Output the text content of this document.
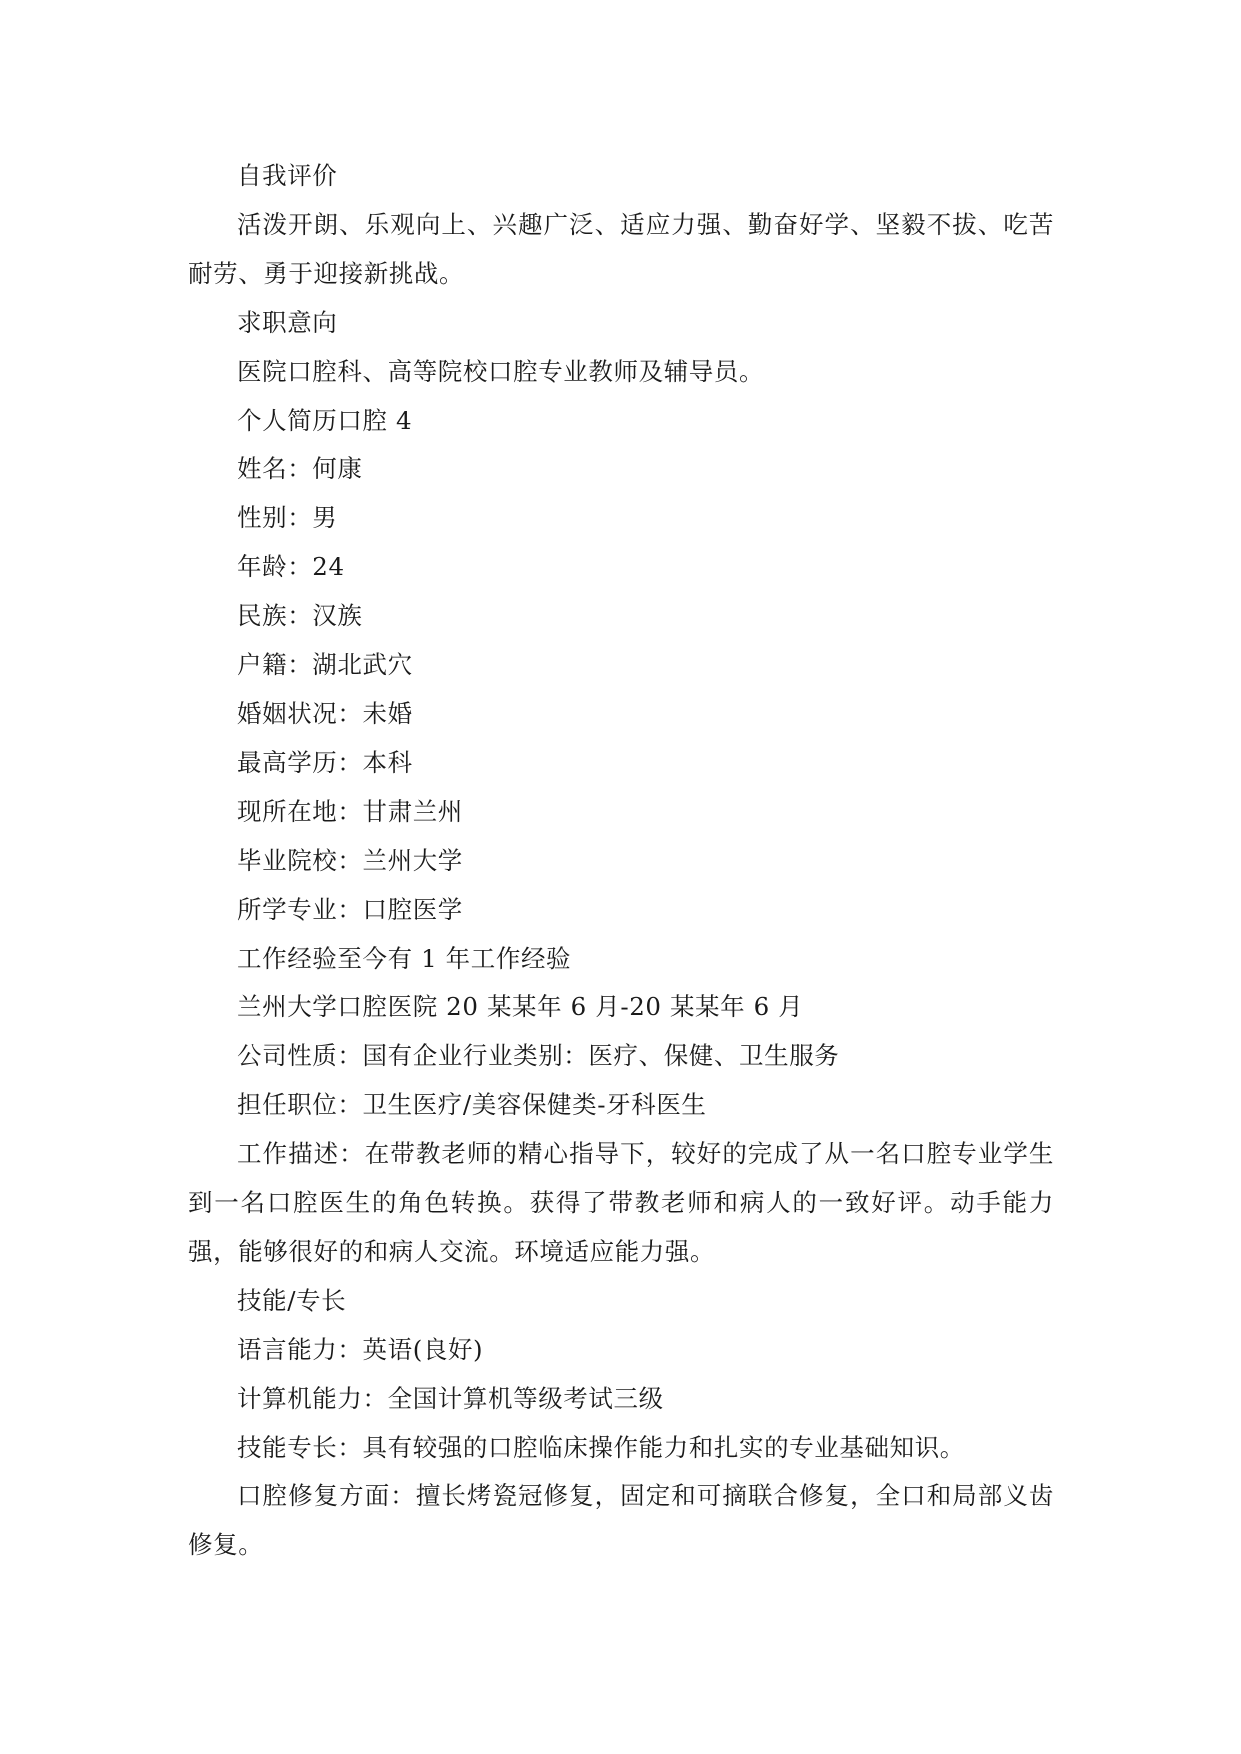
自我评价

活泼开朗、乐观向上、兴趣广泛、适应力强、勤奋好学、坚毅不拔、吃苦耐劳、勇于迎接新挑战。

求职意向

医院口腔科、高等院校口腔专业教师及辅导员。

个人简历口腔 4

姓名：何康

性别：男

年龄：24

民族：汉族

户籍：湖北武穴

婚姻状况：未婚

最高学历：本科

现所在地：甘肃兰州

毕业院校：兰州大学

所学专业：口腔医学

工作经验至今有 1 年工作经验

兰州大学口腔医院 20 某某年 6 月-20 某某年 6 月

公司性质：国有企业行业类别：医疗、保健、卫生服务

担任职位：卫生医疗/美容保健类-牙科医生

工作描述：在带教老师的精心指导下，较好的完成了从一名口腔专业学生到一名口腔医生的角色转换。获得了带教老师和病人的一致好评。动手能力强，能够很好的和病人交流。环境适应能力强。

技能/专长

语言能力：英语(良好)

计算机能力：全国计算机等级考试三级

技能专长：具有较强的口腔临床操作能力和扎实的专业基础知识。

口腔修复方面：擅长烤瓷冠修复，固定和可摘联合修复，全口和局部义齿修复。
